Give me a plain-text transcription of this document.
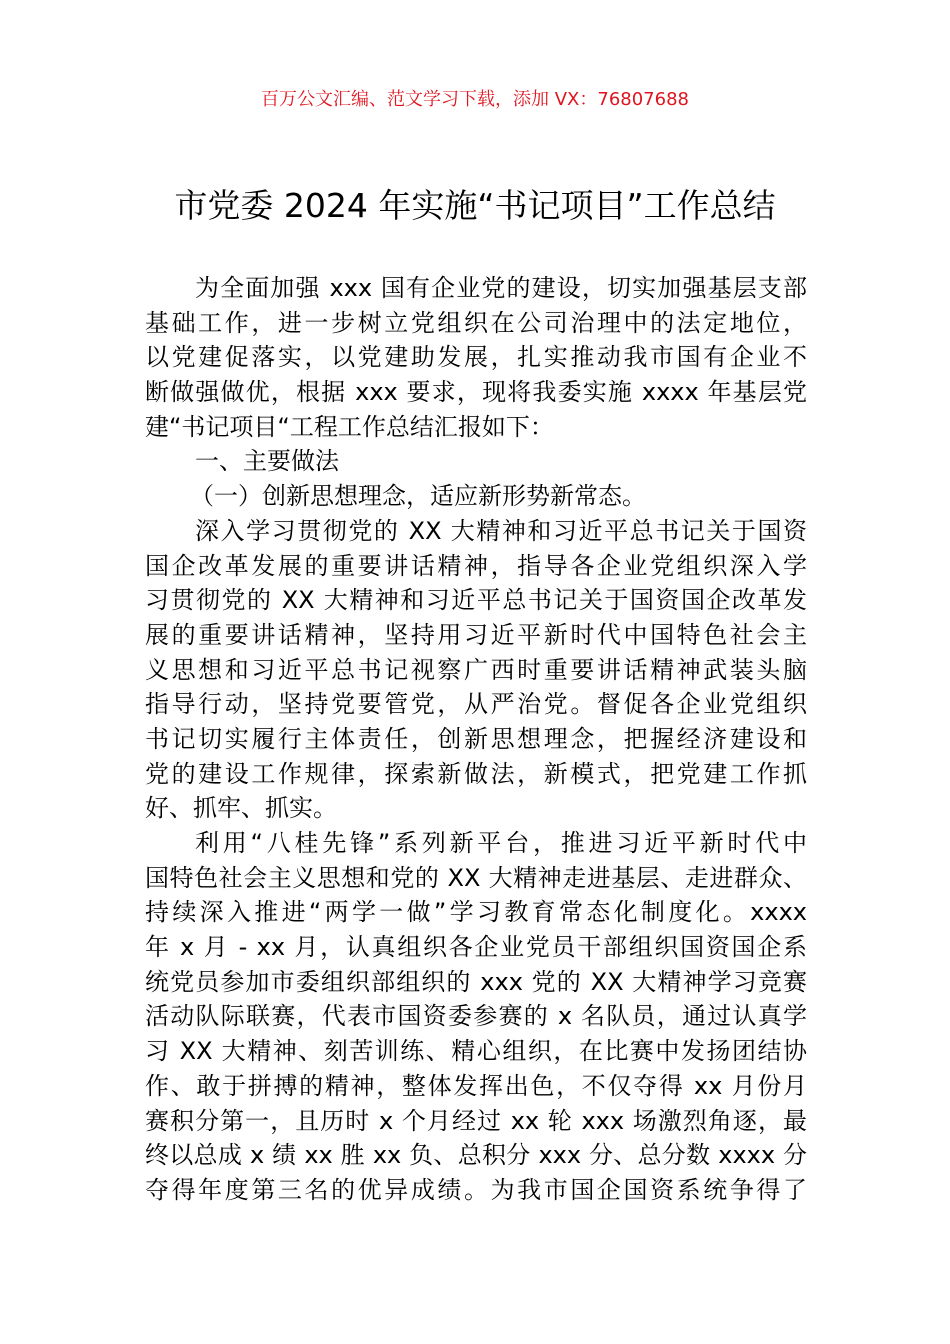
百万公文汇编、范文学习下载，添加 VX：76807688
市党委 2024 年实施“书记项目”工作总结
为全面加强 xxx 国有企业党的建设，切实加强基层支部
基础工作，进一步树立党组织在公司治理中的法定地位，
以党建促落实，以党建助发展，扎实推动我市国有企业不
断做强做优，根据 xxx 要求，现将我委实施 xxxx 年基层党
建“书记项目“工程工作总结汇报如下：
一、主要做法
（一）创新思想理念，适应新形势新常态。
深入学习贯彻党的 XX 大精神和习近平总书记关于国资
国企改革发展的重要讲话精神，指导各企业党组织深入学
习贯彻党的 XX 大精神和习近平总书记关于国资国企改革发
展的重要讲话精神，坚持用习近平新时代中国特色社会主
义思想和习近平总书记视察广西时重要讲话精神武装头脑
指导行动，坚持党要管党，从严治党。督促各企业党组织
书记切实履行主体责任，创新思想理念，把握经济建设和
党的建设工作规律，探索新做法，新模式，把党建工作抓
好、抓牢、抓实。
利用“八桂先锋”系列新平台，推进习近平新时代中
国特色社会主义思想和党的 XX 大精神走进基层、走进群众、
持续深入推进“两学一做”学习教育常态化制度化。xxxx
年 x 月 - xx 月，认真组织各企业党员干部组织国资国企系
统党员参加市委组织部组织的 xxx 党的 XX 大精神学习竞赛
活动队际联赛，代表市国资委参赛的 x 名队员，通过认真学
习 XX 大精神、刻苦训练、精心组织，在比赛中发扬团结协
作、敢于拼搏的精神，整体发挥出色，不仅夺得 xx 月份月
赛积分第一，且历时 x 个月经过 xx 轮 xxx 场激烈角逐，最
终以总成 x 绩 xx 胜 xx 负、总积分 xxx 分、总分数 xxxx 分
夺得年度第三名的优异成绩。为我市国企国资系统争得了
